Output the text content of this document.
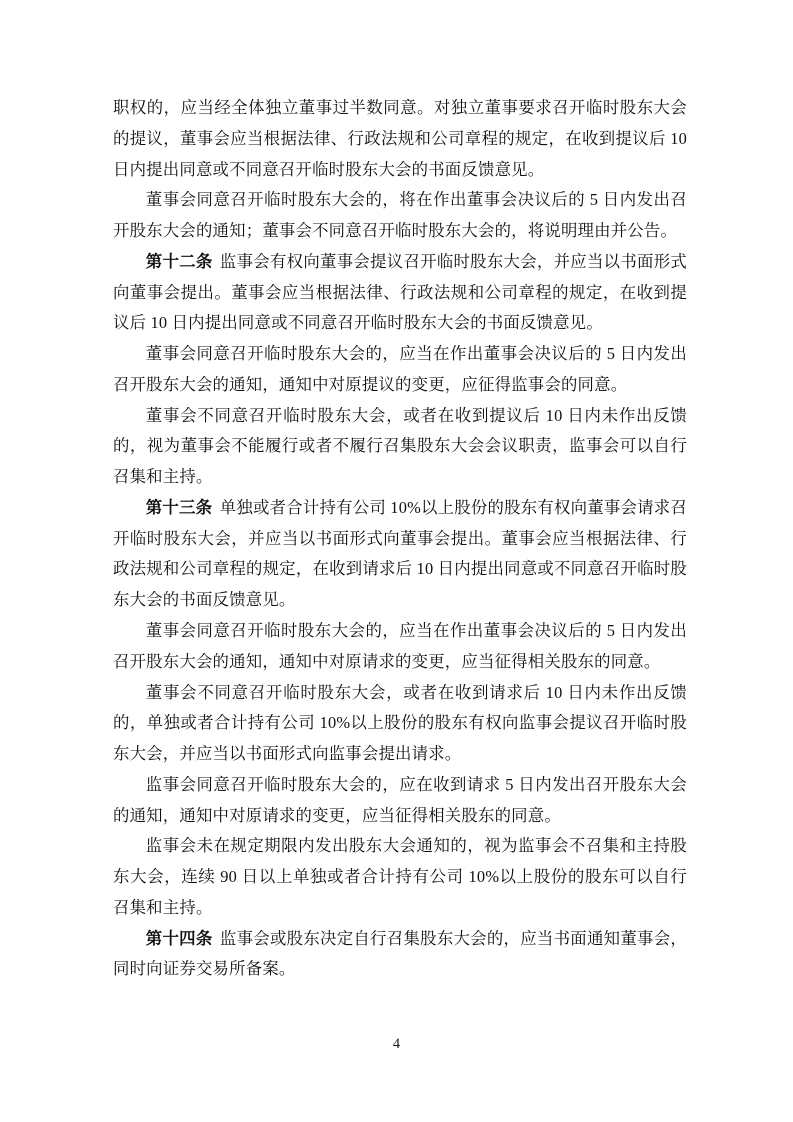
职权的，应当经全体独立董事过半数同意。对独立董事要求召开临时股东大会的提议，董事会应当根据法律、行政法规和公司章程的规定，在收到提议后 10 日内提出同意或不同意召开临时股东大会的书面反馈意见。

董事会同意召开临时股东大会的，将在作出董事会决议后的 5 日内发出召开股东大会的通知；董事会不同意召开临时股东大会的，将说明理由并公告。

第十二条 监事会有权向董事会提议召开临时股东大会，并应当以书面形式向董事会提出。董事会应当根据法律、行政法规和公司章程的规定，在收到提议后 10 日内提出同意或不同意召开临时股东大会的书面反馈意见。

董事会同意召开临时股东大会的，应当在作出董事会决议后的 5 日内发出召开股东大会的通知，通知中对原提议的变更，应征得监事会的同意。

董事会不同意召开临时股东大会，或者在收到提议后 10 日内未作出反馈的，视为董事会不能履行或者不履行召集股东大会会议职责，监事会可以自行召集和主持。

第十三条 单独或者合计持有公司 10%以上股份的股东有权向董事会请求召开临时股东大会，并应当以书面形式向董事会提出。董事会应当根据法律、行政法规和公司章程的规定，在收到请求后 10 日内提出同意或不同意召开临时股东大会的书面反馈意见。

董事会同意召开临时股东大会的，应当在作出董事会决议后的 5 日内发出召开股东大会的通知，通知中对原请求的变更，应当征得相关股东的同意。

董事会不同意召开临时股东大会，或者在收到请求后 10 日内未作出反馈的，单独或者合计持有公司 10%以上股份的股东有权向监事会提议召开临时股东大会，并应当以书面形式向监事会提出请求。

监事会同意召开临时股东大会的，应在收到请求 5 日内发出召开股东大会的通知，通知中对原请求的变更，应当征得相关股东的同意。

监事会未在规定期限内发出股东大会通知的，视为监事会不召集和主持股东大会，连续 90 日以上单独或者合计持有公司 10%以上股份的股东可以自行召集和主持。

第十四条 监事会或股东决定自行召集股东大会的，应当书面通知董事会，同时向证券交易所备案。

4
